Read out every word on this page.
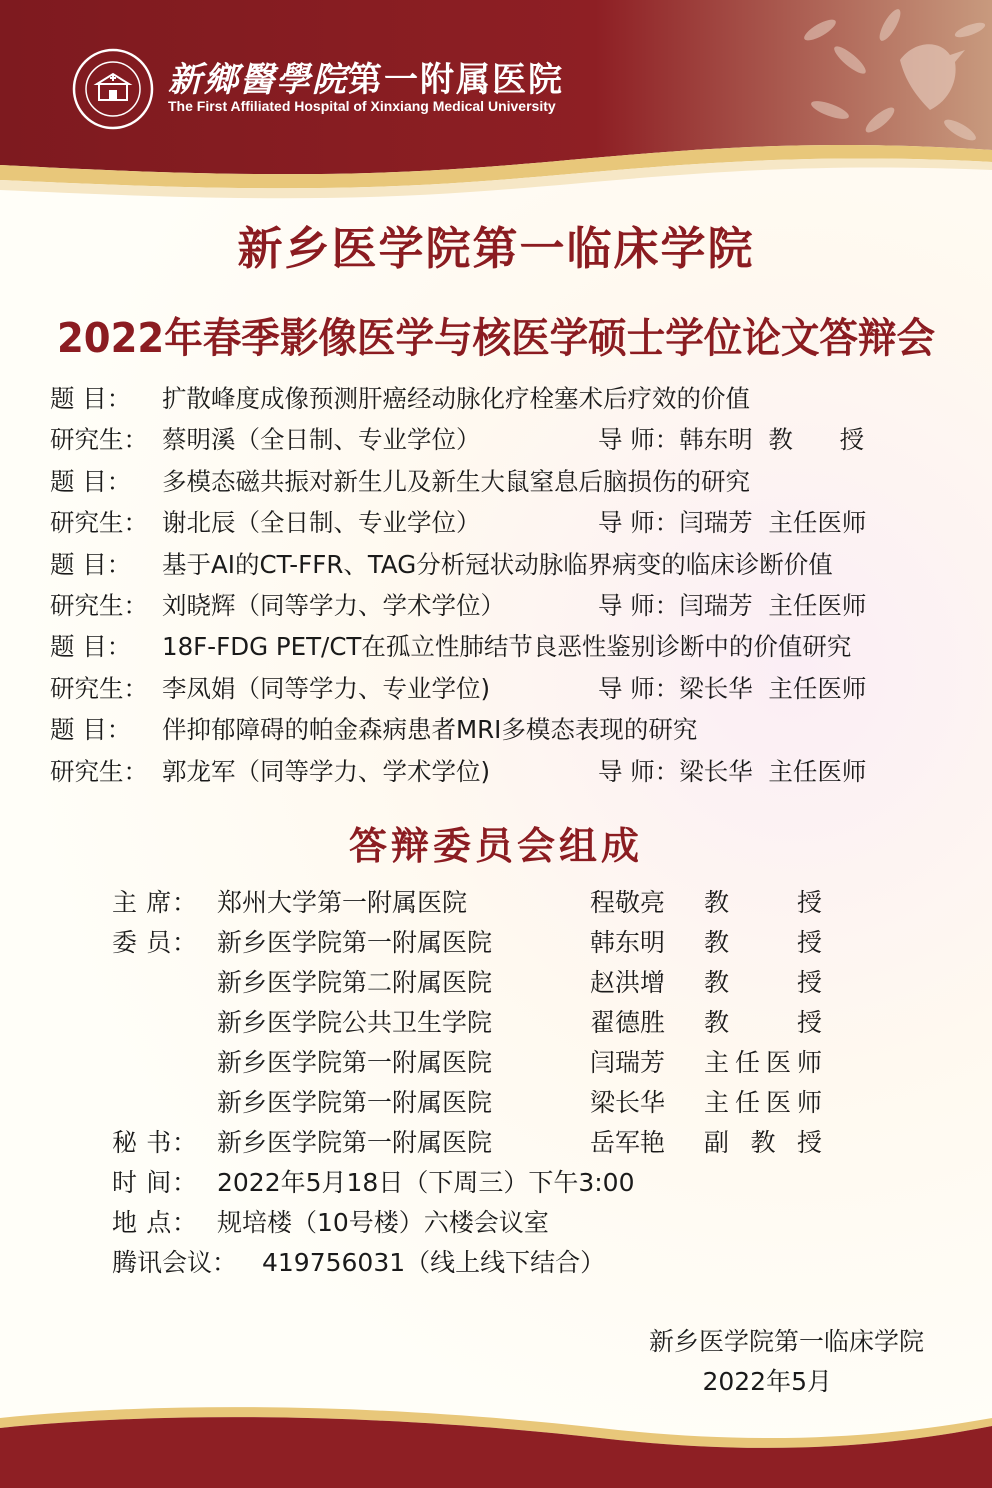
新鄉醫學院第一附属医院
The First Affiliated Hospital of Xinxiang Medical University
新乡医学院第一临床学院
2022年春季影像医学与核医学硕士学位论文答辩会
题 目： 扩散峰度成像预测肝癌经动脉化疗栓塞术后疗效的价值
研究生： 蔡明溪（全日制、专业学位）	导 师：韩东明  教      授
题 目： 多模态磁共振对新生儿及新生大鼠窒息后脑损伤的研究
研究生： 谢北辰（全日制、专业学位）	导 师：闫瑞芳  主任医师
题 目： 基于AI的CT-FFR、TAG分析冠状动脉临界病变的临床诊断价值
研究生： 刘晓辉（同等学力、学术学位）	导 师：闫瑞芳  主任医师
题 目： 18F-FDG PET/CT在孤立性肺结节良恶性鉴别诊断中的价值研究
研究生： 李凤娟（同等学力、专业学位)	导 师：梁长华  主任医师
题 目： 伴抑郁障碍的帕金森病患者MRI多模态表现的研究
研究生： 郭龙军（同等学力、学术学位)	导 师：梁长华  主任医师
答辩委员会组成
主 席： 郑州大学第一附属医院	程敬亮 教 授
委 员： 新乡医学院第一附属医院	韩东明 教 授
新乡医学院第二附属医院	赵洪增 教 授
新乡医学院公共卫生学院	翟德胜 教 授
新乡医学院第一附属医院	闫瑞芳 主任医师
新乡医学院第一附属医院	梁长华 主任医师
秘 书： 新乡医学院第一附属医院	岳军艳 副 教 授
时 间： 2022年5月18日（下周三）下午3:00
地 点： 规培楼（10号楼）六楼会议室
腾讯会议： 419756031（线上线下结合）
新乡医学院第一临床学院
2022年5月
